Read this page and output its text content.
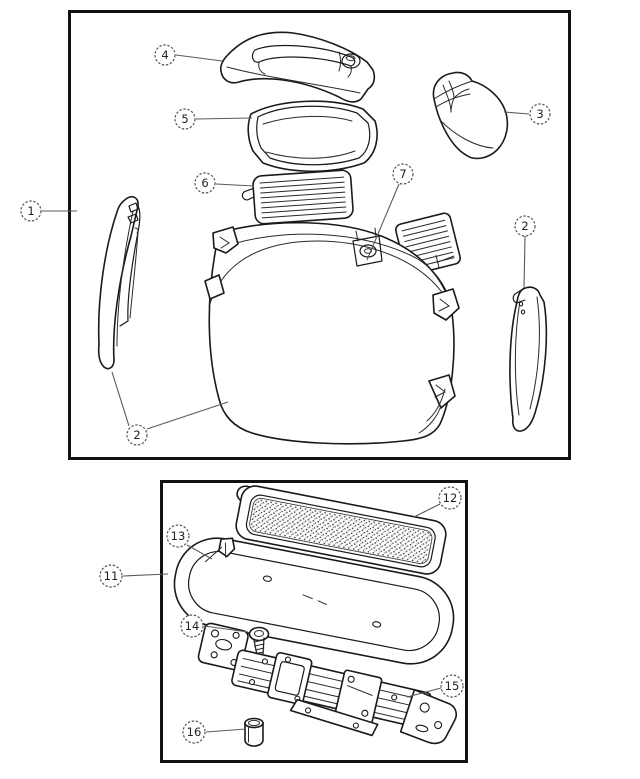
1
4
5
6
3
7
2
2
11
12
13
14
15
16
